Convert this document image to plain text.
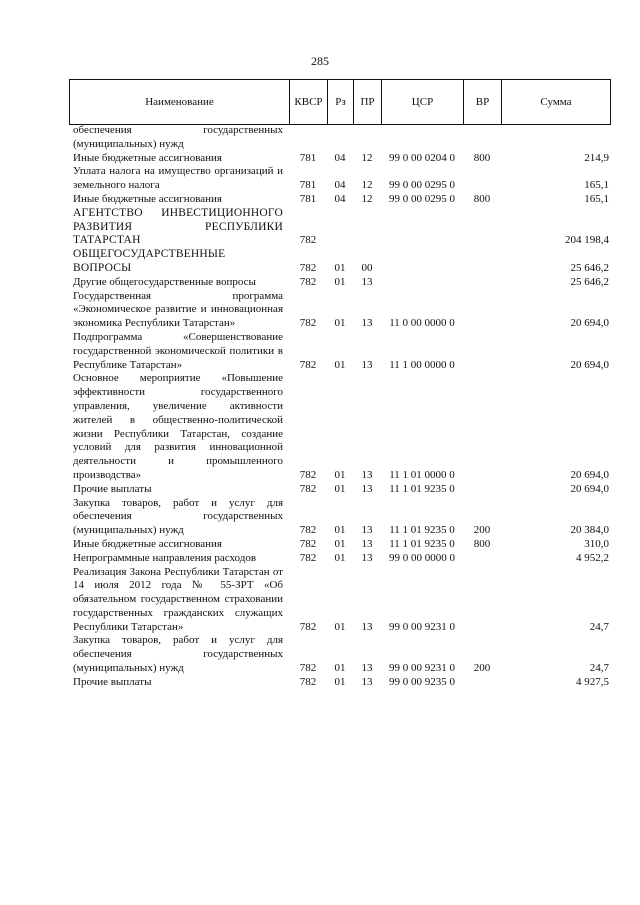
285
Наименование	КВСР	Рз	ПР	ЦСР	ВР	Сумма
обеспечения государственных (муниципальных) нужд						
Иные бюджетные ассигнования	781	04	12	99 0 00 0204 0	800	214,9
Уплата налога на имущество организаций и земельного налога	781	04	12	99 0 00 0295 0		165,1
Иные бюджетные ассигнования	781	04	12	99 0 00 0295 0	800	165,1
АГЕНТСТВО ИНВЕСТИЦИОННОГО РАЗВИТИЯ РЕСПУБЛИКИ ТАТАРСТАН	782					204 198,4
ОБЩЕГОСУДАРСТВЕННЫЕ ВОПРОСЫ	782	01	00			25 646,2
Другие общегосударственные вопросы	782	01	13			25 646,2
Государственная программа «Экономическое развитие и инновационная экономика Республики Татарстан»	782	01	13	11 0 00 0000 0		20 694,0
Подпрограмма «Совершенствование государственной экономической политики в Республике Татарстан»	782	01	13	11 1 00 0000 0		20 694,0
Основное мероприятие «Повышение эффективности государственного управления, увеличение активности жителей в общественно-политической жизни Республики Татарстан, создание условий для развития инновационной деятельности и промышленного производства»	782	01	13	11 1 01 0000 0		20 694,0
Прочие выплаты	782	01	13	11 1 01 9235 0		20 694,0
Закупка товаров, работ и услуг для обеспечения государственных (муниципальных) нужд	782	01	13	11 1 01 9235 0	200	20 384,0
Иные бюджетные ассигнования	782	01	13	11 1 01 9235 0	800	310,0
Непрограммные направления расходов	782	01	13	99 0 00 0000 0		4 952,2
Реализация Закона Республики Татарстан от 14 июля 2012 года № 55-ЗРТ «Об обязательном государственном страховании государственных гражданских служащих Республики Татарстан»	782	01	13	99 0 00 9231 0		24,7
Закупка товаров, работ и услуг для обеспечения государственных (муниципальных) нужд	782	01	13	99 0 00 9231 0	200	24,7
Прочие выплаты	782	01	13	99 0 00 9235 0		4 927,5
